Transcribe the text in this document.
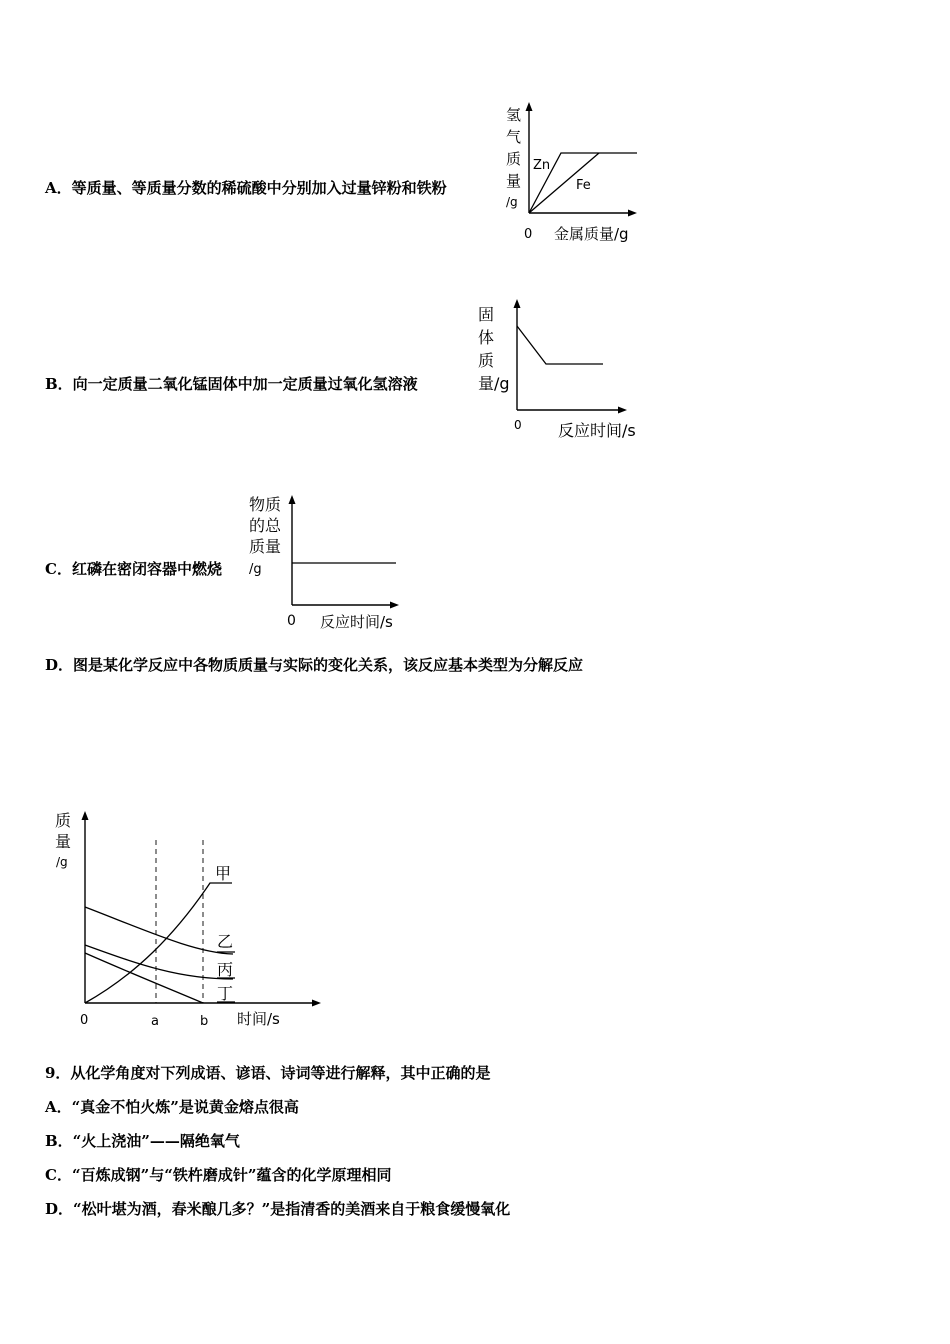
A．等质量、等质量分数的稀硫酸中分别加入过量锌粉和铁粉
氢
气
质
量
/g
Zn
Fe
0 金属质量/g
B．向一定质量二氧化锰固体中加一定质量过氧化氢溶液
固
体
质
量/g
0 反应时间/s
C．红磷在密闭容器中燃烧
物质
的总
质量
/g
0 反应时间/s
D．图是某化学反应中各物质质量与实际的变化关系，该反应基本类型为分解反应
质
量
/g
甲
乙
丙
丁
0	a	b 时间/s
9．从化学角度对下列成语、谚语、诗词等进行解释，其中正确的是
A．“真金不怕火炼”是说黄金熔点很高
B．“火上浇油”——隔绝氧气
C．“百炼成钢”与“铁杵磨成针”蕴含的化学原理相同
D．“松叶堪为酒，春米酿几多？”是指清香的美酒来自于粮食缓慢氧化
